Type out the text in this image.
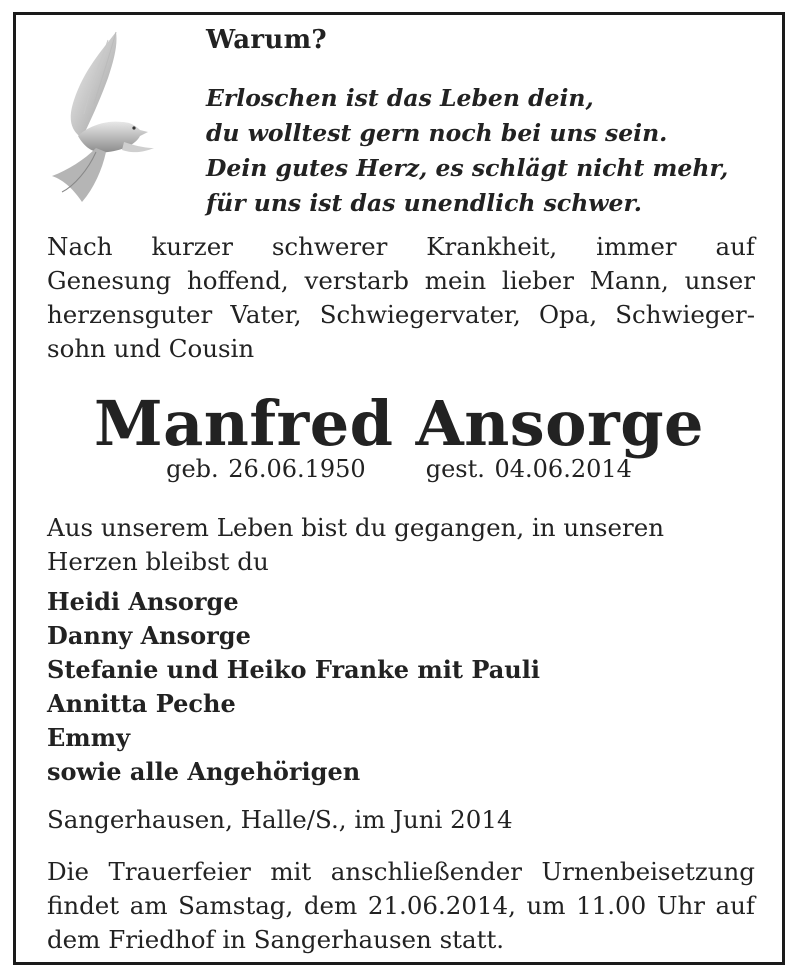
Warum?
Erloschen ist das Leben dein,
du wolltest gern noch bei uns sein.
Dein gutes Herz, es schlägt nicht mehr,
für uns ist das unendlich schwer.
Nach kurzer schwerer Krankheit, immer auf
Genesung hoffend, verstarb mein lieber Mann, unser
herzensguter Vater, Schwiegervater, Opa, Schwieger-
sohn und Cousin
Manfred Ansorge
geb. 26.06.1950	gest. 04.06.2014
Aus unserem Leben bist du gegangen, in unseren
Herzen bleibst du
Heidi Ansorge
Danny Ansorge
Stefanie und Heiko Franke mit Pauli
Annitta Peche
Emmy
sowie alle Angehörigen
Sangerhausen, Halle/S., im Juni 2014
Die Trauerfeier mit anschließender Urnenbeisetzung
findet am Samstag, dem 21.06.2014, um 11.00 Uhr auf
dem Friedhof in Sangerhausen statt.
